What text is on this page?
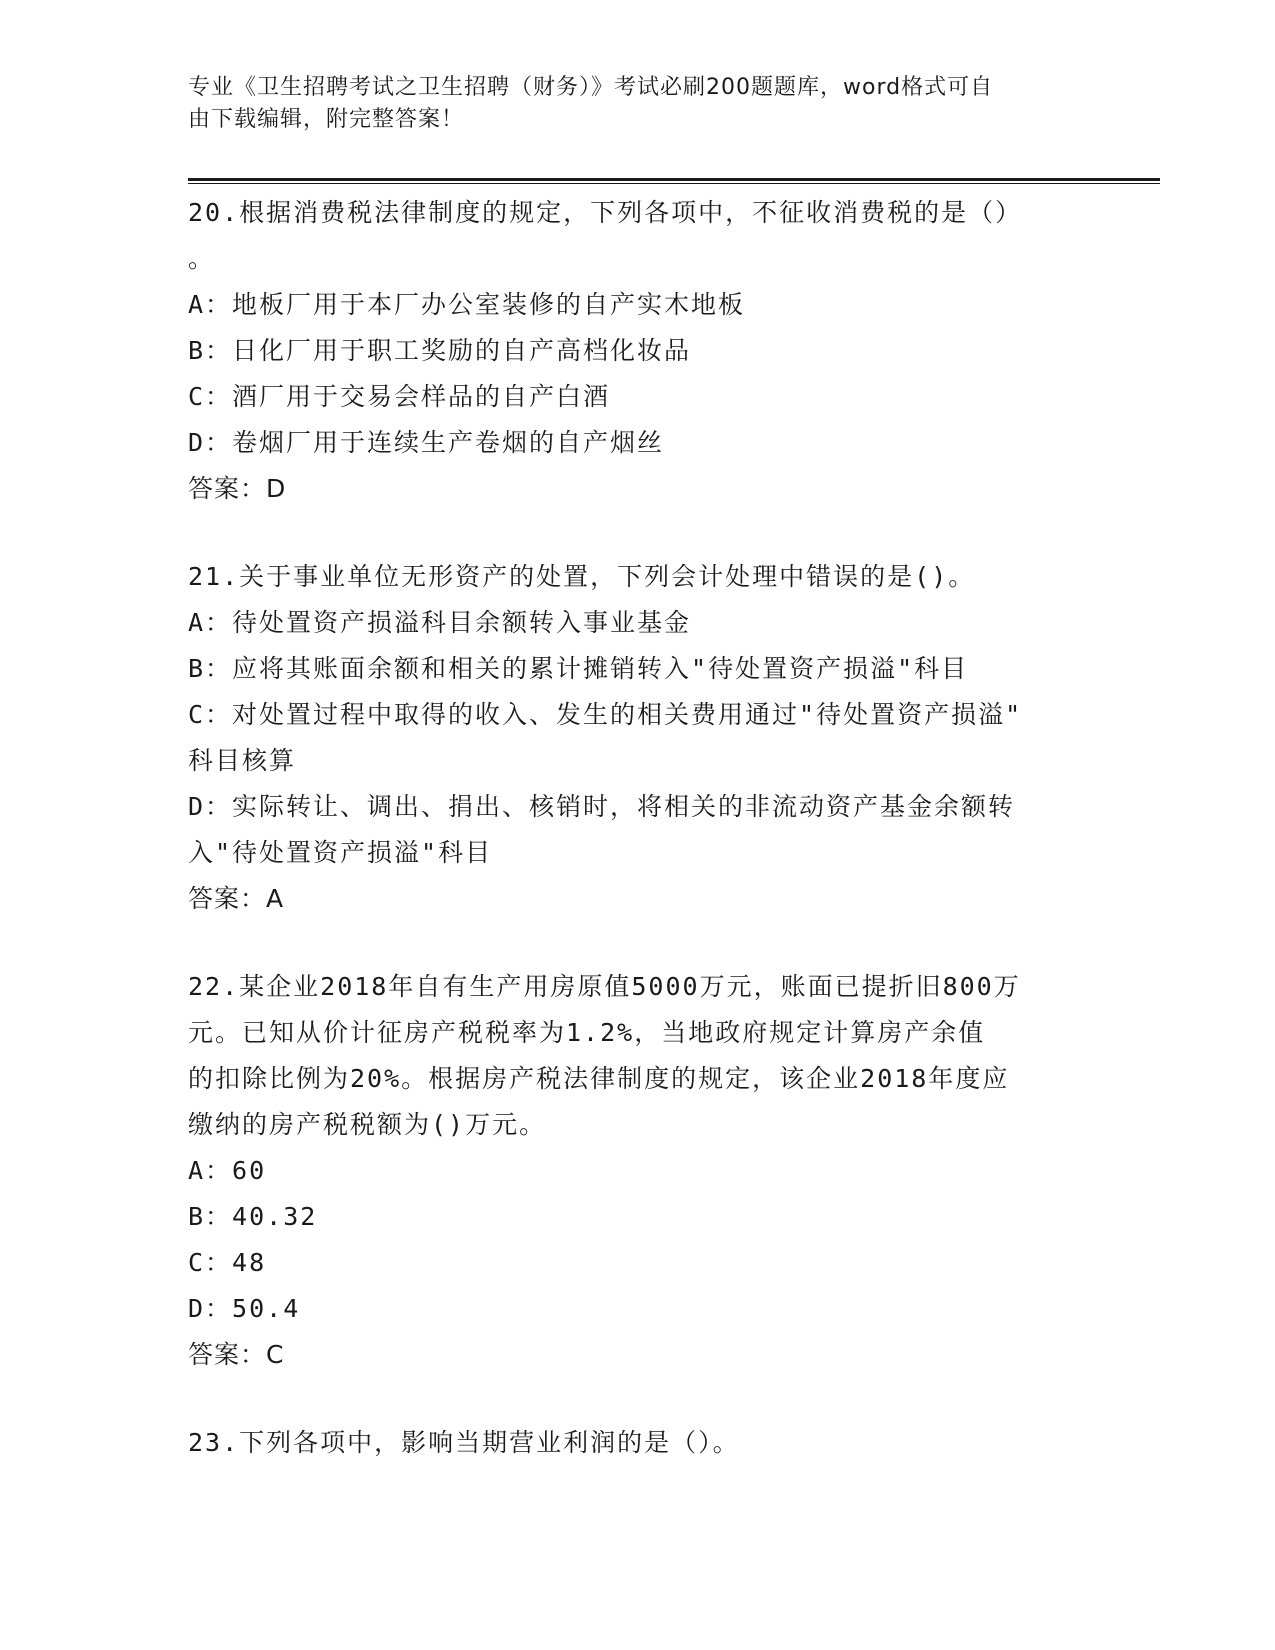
专业《卫生招聘考试之卫生招聘（财务）》考试必刷200题题库，word格式可自
由下载编辑，附完整答案！
20.根据消费税法律制度的规定，下列各项中，不征收消费税的是（）
。
A：地板厂用于本厂办公室装修的自产实木地板
B：日化厂用于职工奖励的自产高档化妆品
C：酒厂用于交易会样品的自产白酒
D：卷烟厂用于连续生产卷烟的自产烟丝
答案：D
21.关于事业单位无形资产的处置，下列会计处理中错误的是()。
A：待处置资产损溢科目余额转入事业基金
B：应将其账面余额和相关的累计摊销转入"待处置资产损溢"科目
C：对处置过程中取得的收入、发生的相关费用通过"待处置资产损溢"
科目核算
D：实际转让、调出、捐出、核销时，将相关的非流动资产基金余额转
入"待处置资产损溢"科目
答案：A
22.某企业2018年自有生产用房原值5000万元，账面已提折旧800万
元。已知从价计征房产税税率为1.2%，当地政府规定计算房产余值
的扣除比例为20%。根据房产税法律制度的规定，该企业2018年度应
缴纳的房产税税额为()万元。
A：60
B：40.32
C：48
D：50.4
答案：C
23.下列各项中，影响当期营业利润的是（）。
